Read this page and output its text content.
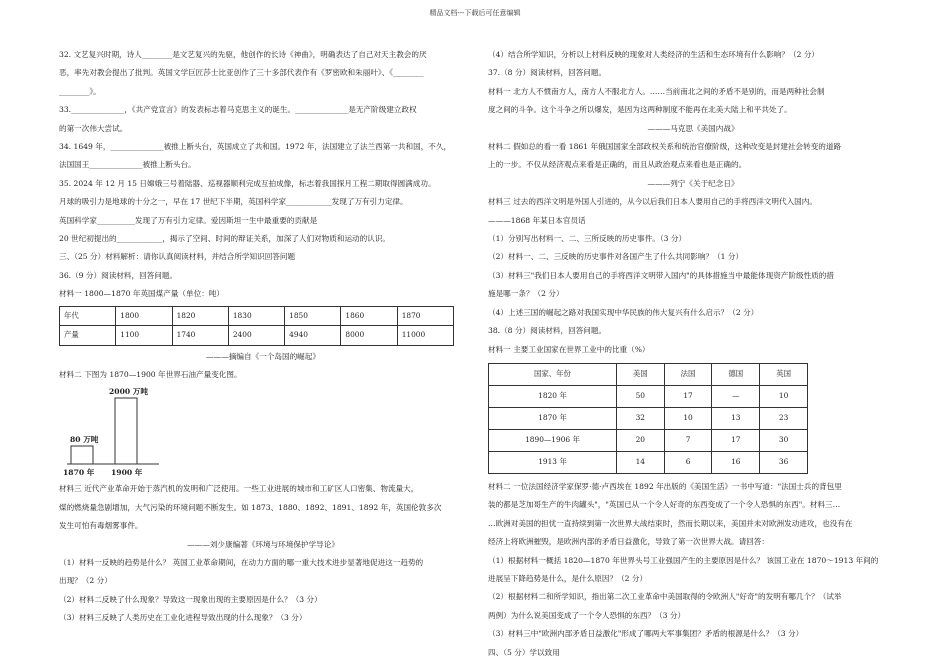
精品文档---下载后可任意编辑

32. 文艺复兴时期，诗人________是文艺复兴的先驱，他创作的长诗《神曲》，明确表达了自己对天主教会的厌

恶，率先对教会提出了批判。英国文学巨匠莎士比亚创作了三十多部代表作有《罗密欧和朱丽叶》、《________

________》。

33.______________，《共产党宣言》的发表标志着马克思主义的诞生。______________是无产阶级建立政权

的第一次伟大尝试。

34. 1649 年，______________被推上断头台，英国成立了共和国。1972 年，法国建立了法兰西第一共和国，不久，

法国国王______________被推上断头台。

35. 2024 年 12 月 15 日嫦娥三号着陆器、巡视器顺利完成互拍成像，标志着我国探月工程二期取得圆满成功。

月球的吸引力是地球的十分之一，早在 17 世纪下半期，英国科学家____________发现了万有引力定律。

英国科学家__________发现了万有引力定律。爱因斯坦一生中最重要的贡献是

20 世纪初提出的____________，揭示了空间、时间的辩证关系，加深了人们对物质和运动的认识。

三、（25 分）材料解析：请你认真阅读材料，并结合所学知识回答问题

36.（9 分）阅读材料，回答问题。

材料一 1800—1870 年英国煤产量（单位：吨）

年代	1800	1820	1830	1850	1860	1870
产量	1100	1740	2400	4940	8000	11000

———摘编自《一个岛国的崛起》

材料二 下图为 1870—1900 年世界石油产量变化图。

80 万吨
2000 万吨
1870 年 1900 年

材料三 近代产业革命开始于蒸汽机的发明和广泛使用。一些工业进展的城市和工矿区人口密集、物流量大，

煤的燃烧量急剧增加，大气污染的环境问题不断发生。如 1873、1880、1892、1891、1892 年，英国伦敦多次

发生可怕有毒烟雾事件。

———刘少康编著《环境与环境保护学导论》

（1）材料一反映的趋势是什么？ 英国工业革命期间，在动力方面的哪一重大技术进步显著地促进这一趋势的

出现？（2 分）

（2）材料二反映了什么现象？导致这一现象出现的主要原因是什么？（3 分）

（3）材料三反映了人类历史在工业化进程导致出现的什么现象？（3 分）

（4）结合所学知识，分析以上材料反映的现象对人类经济的生活和生态环境有什么影响？（2 分）

37.（8 分）阅读材料，回答问题。

材料一 北方人不惯南方人，南方人不服北方人。……当前南北之间的矛盾不是别的，而是两种社会制

度之间的斗争。这个斗争之所以爆发，是因为这两种制度不能再在北美大陆上和平共处了。

———马克思《美国内战》

材料二 假如总的看一看 1861 年俄国国家全部政权关系和统治官僚阶级，这种改变是封建社会转变的道路

上的一步。不仅从经济观点来看是正确的，而且从政治观点来看也是正确的。

———列宁《关于纪念日》

材料三 过去的西洋文明是外国人引进的，从今以后我们日本人要用自己的手将西洋文明代入国内。

———1868 年某日本官员话

（1）分别写出材料一、二、三所反映的历史事件。（3 分）

（2）材料一、二、三反映的历史事件对各国产生了什么共同影响？（1 分）

（3）材料三"我们日本人要用自己的手将西洋文明带入国内"的具体措施当中最能体现资产阶级性质的措

施是哪一条？（2 分）

（4）上述三国的崛起之路对我国实现中华民族的伟大复兴有什么启示？（2 分）

38.（8 分）阅读材料，回答问题。

材料一 主要工业国家在世界工业中的比重（%）

国家、年份	美国	法国	德国	英国
1820 年	50	17	—	10
1870 年	32	10	13	23
1890—1906 年	20	7	17	30
1913 年	14	6	16	36

材料二 一位法国经济学家保罗·德·卢西埃在 1892 年出版的《美国生活》一书中写道："法国士兵的背包里

装的都是芝加哥生产的牛肉罐头"，"英国已从一个令人好奇的东西变成了一个令人恐惧的东西"。材料三…

…欧洲对美国的担忧一直持续到第一次世界大战结束时，然而长期以来，美国并未对欧洲发动进攻，也没有在

经济上将欧洲摧毁，是欧洲内部的矛盾日益激化，导致了第一次世界大战。请回答：

（1）根据材料一概括 1820—1870 年世界头号工业强国产生的主要原因是什么？ 该国工业在 1870～1913 年间的

进展呈下降趋势是什么，是什么原因？（2 分）

（2）根据材料二和所学知识，指出第二次工业革命中美国取得的令欧洲人"好奇"的发明有哪几个？（试举

两例）为什么说美国变成了一个令人恐惧的东西？（3 分）

（3）材料三中"欧洲内部矛盾日益激化"形成了哪两大军事集团？矛盾的根源是什么？（3 分）

四、（5 分）学以致用
